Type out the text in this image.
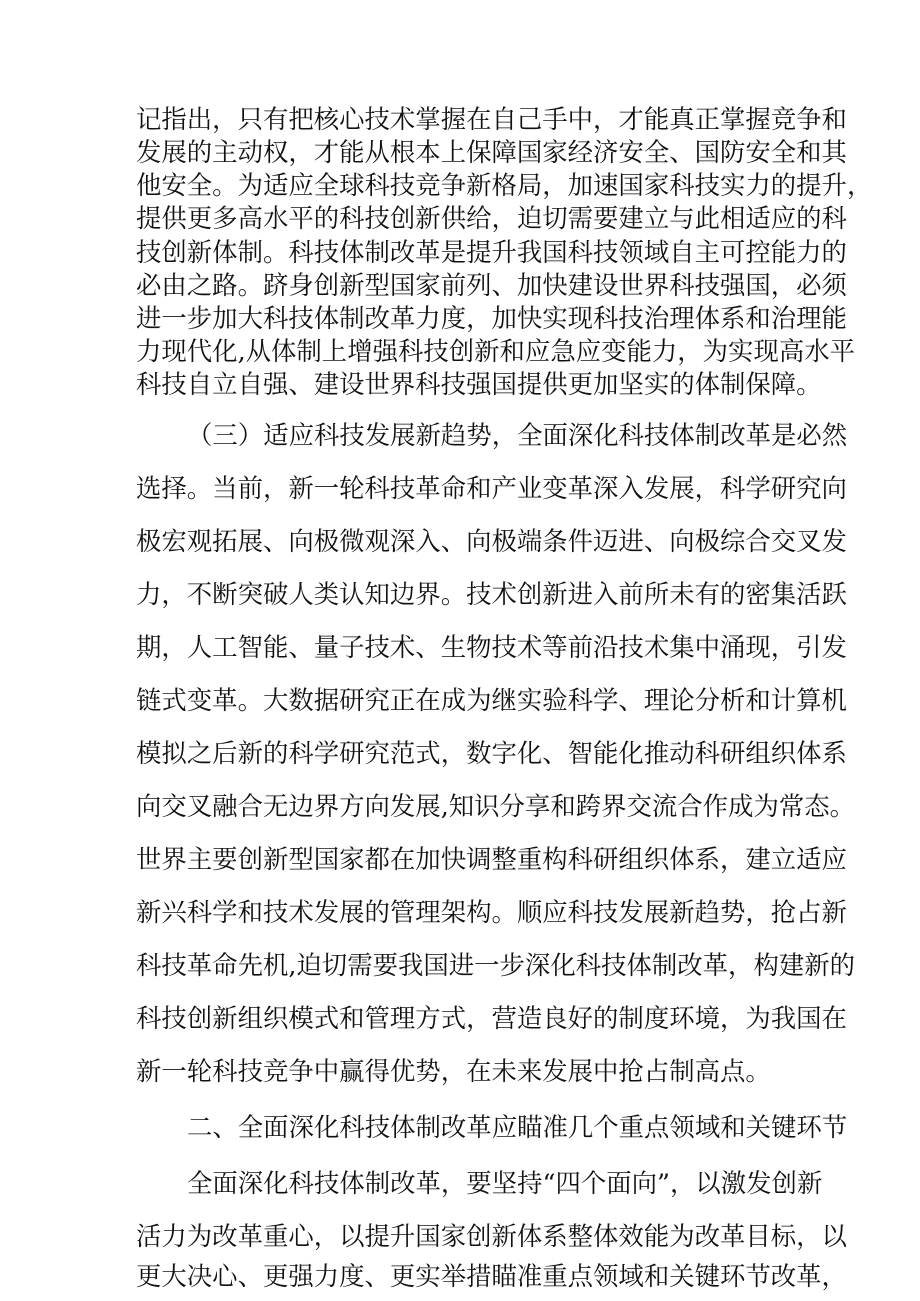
记指出，只有把核心技术掌握在自己手中，才能真正掌握竞争和
发展的主动权，才能从根本上保障国家经济安全、国防安全和其
他安全。为适应全球科技竞争新格局，加速国家科技实力的提升，
提供更多高水平的科技创新供给，迫切需要建立与此相适应的科
技创新体制。科技体制改革是提升我国科技领域自主可控能力的
必由之路。跻身创新型国家前列、加快建设世界科技强国，必须
进一步加大科技体制改革力度，加快实现科技治理体系和治理能
力现代化,从体制上增强科技创新和应急应变能力，为实现高水平
科技自立自强、建设世界科技强国提供更加坚实的体制保障。
（三）适应科技发展新趋势，全面深化科技体制改革是必然
选择。当前，新一轮科技革命和产业变革深入发展，科学研究向
极宏观拓展、向极微观深入、向极端条件迈进、向极综合交叉发
力，不断突破人类认知边界。技术创新进入前所未有的密集活跃
期，人工智能、量子技术、生物技术等前沿技术集中涌现，引发
链式变革。大数据研究正在成为继实验科学、理论分析和计算机
模拟之后新的科学研究范式，数字化、智能化推动科研组织体系
向交叉融合无边界方向发展,知识分享和跨界交流合作成为常态。
世界主要创新型国家都在加快调整重构科研组织体系，建立适应
新兴科学和技术发展的管理架构。顺应科技发展新趋势，抢占新
科技革命先机,迫切需要我国进一步深化科技体制改革，构建新的
科技创新组织模式和管理方式，营造良好的制度环境，为我国在
新一轮科技竞争中赢得优势，在未来发展中抢占制高点。
二、全面深化科技体制改革应瞄准几个重点领域和关键环节
全面深化科技体制改革，要坚持“四个面向”，以激发创新
活力为改革重心，以提升国家创新体系整体效能为改革目标，以
更大决心、更强力度、更实举措瞄准重点领域和关键环节改革，
